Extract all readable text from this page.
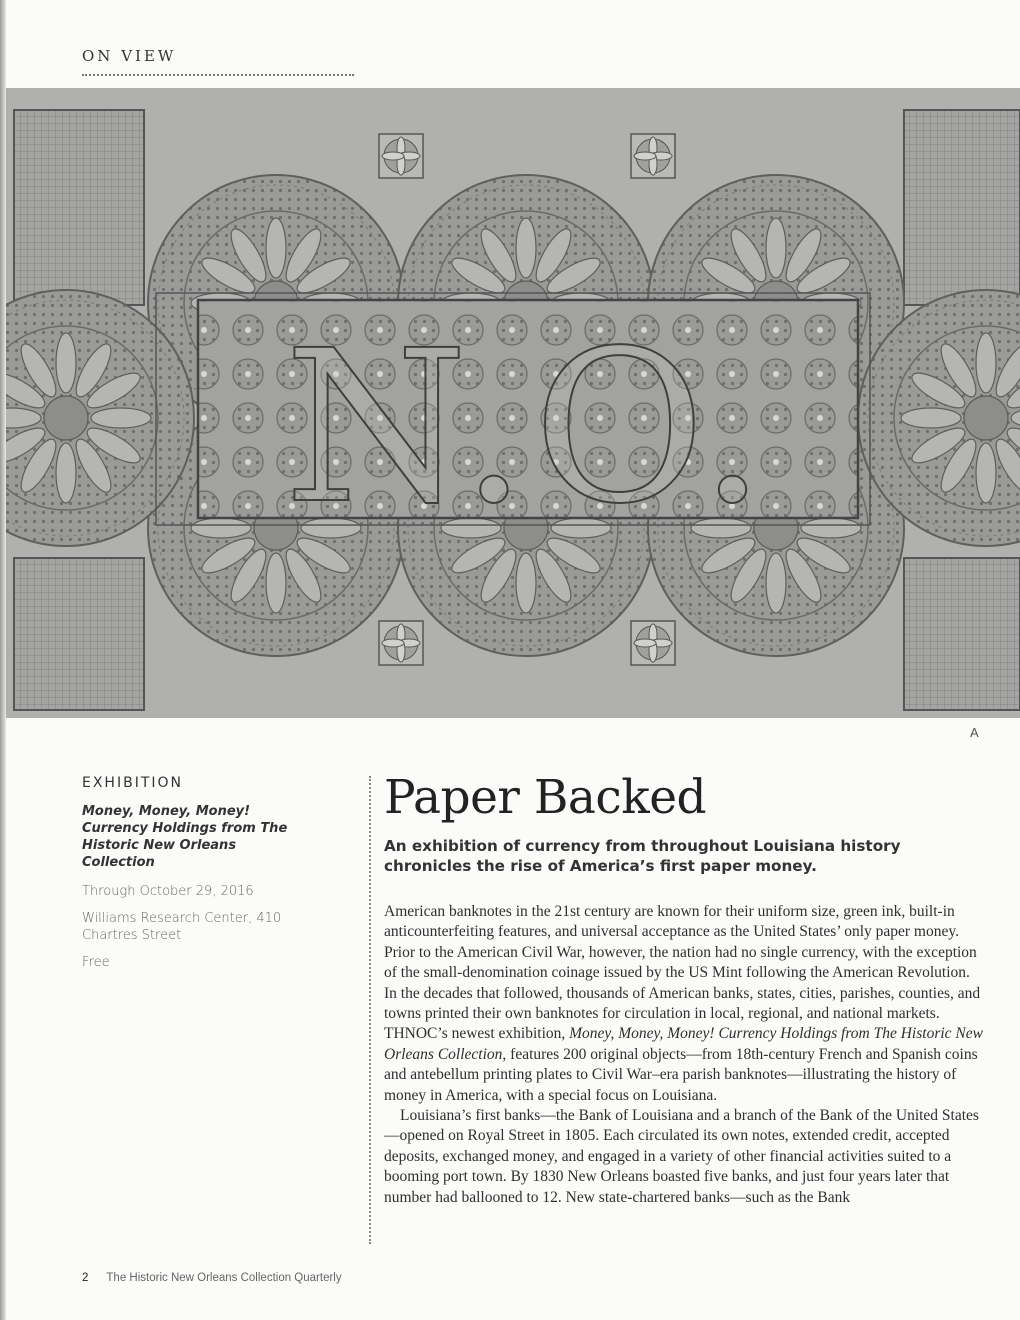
ON VIEW
N.O.
A
EXHIBITION
Money, Money, Money! Currency Holdings from The Historic New Orleans Collection
Through October 29, 2016
Williams Research Center, 410 Chartres Street
Free
Paper Backed
An exhibition of currency from throughout Louisiana history chronicles the rise of America’s first paper money.

American banknotes in the 21st century are known for their uniform size, green ink, built-in anticounterfeiting features, and universal acceptance as the United States’ only paper money. Prior to the American Civil War, however, the nation had no single currency, with the exception of the small-denomination coinage issued by the US Mint following the American Revolution. In the decades that followed, thousands of American banks, states, cities, parishes, counties, and towns printed their own banknotes for circulation in local, regional, and national markets. THNOC’s newest exhibition, Money, Money, Money! Currency Holdings from The Historic New Orleans Collection, features 200 original objects—from 18th-century French and Spanish coins and antebellum printing plates to Civil War–era parish banknotes—illustrating the history of money in America, with a special focus on Louisiana.

Louisiana’s first banks—the Bank of Louisiana and a branch of the Bank of the United States—opened on Royal Street in 1805. Each circulated its own notes, extended credit, accepted deposits, exchanged money, and engaged in a variety of other financial activities suited to a booming port town. By 1830 New Orleans boasted five banks, and just four years later that number had ballooned to 12. New state-chartered banks—such as the Bank

2 The Historic New Orleans Collection Quarterly
